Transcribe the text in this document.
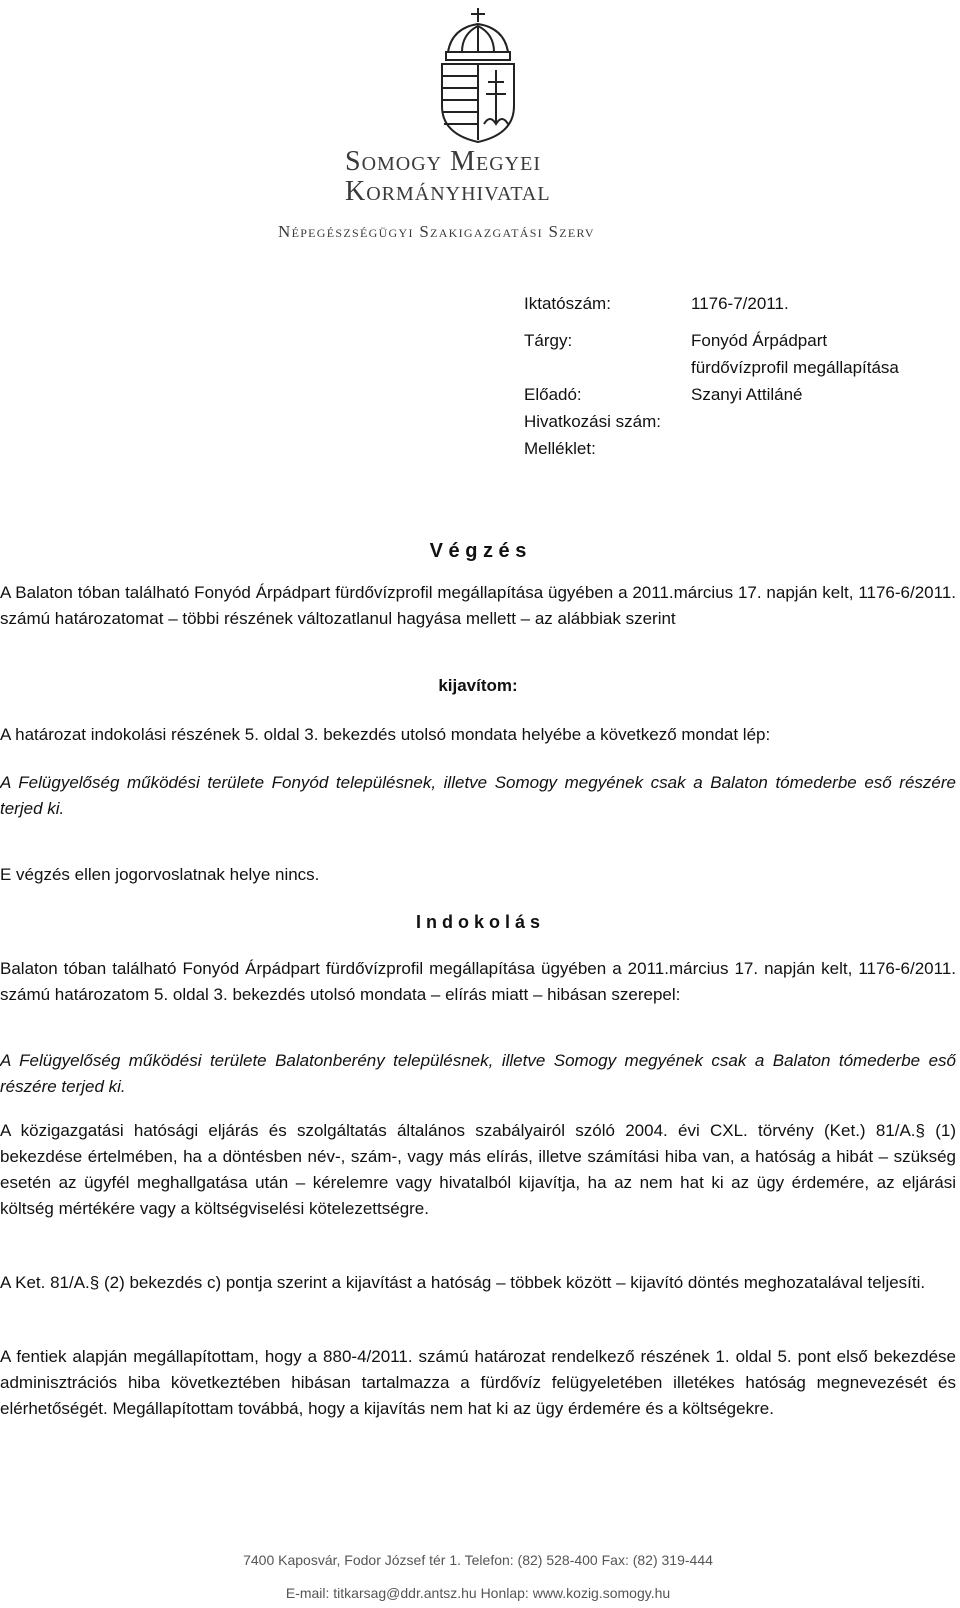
Somogy Megyei
Kormányhivatal
Népegészségügyi Szakigazgatási Szerv
Iktatószám:	1176-7/2011.
Tárgy:	Fonyód Árpádpart
fürdővízprofil megállapítása
Előadó:	Szanyi Attiláné
Hivatkozási szám:
Melléklet:
V é g z é s
A Balaton tóban található Fonyód Árpádpart fürdővízprofil megállapítása ügyében a 2011.március 17. napján kelt, 1176-6/2011. számú határozatomat – többi részének változatlanul hagyása mellett – az alábbiak szerint
kijavítom:
A határozat indokolási részének 5. oldal 3. bekezdés utolsó mondata helyébe a következő mondat lép:
A Felügyelőség működési területe Fonyód településnek, illetve Somogy megyének csak a Balaton tómederbe eső részére terjed ki.
E végzés ellen jogorvoslatnak helye nincs.
I n d o k o l á s
Balaton tóban található Fonyód Árpádpart fürdővízprofil megállapítása ügyében a 2011.március 17. napján kelt, 1176-6/2011. számú határozatom 5. oldal 3. bekezdés utolsó mondata – elírás miatt – hibásan szerepel:
A Felügyelőség működési területe Balatonberény településnek, illetve Somogy megyének csak a Balaton tómederbe eső részére terjed ki.
A közigazgatási hatósági eljárás és szolgáltatás általános szabályairól szóló 2004. évi CXL. törvény (Ket.) 81/A.§ (1) bekezdése értelmében, ha a döntésben név-, szám-, vagy más elírás, illetve számítási hiba van, a hatóság a hibát – szükség esetén az ügyfél meghallgatása után – kérelemre vagy hivatalból kijavítja, ha az nem hat ki az ügy érdemére, az eljárási költség mértékére vagy a költségviselési kötelezettségre.
A Ket. 81/A.§ (2) bekezdés c) pontja szerint a kijavítást a hatóság – többek között – kijavító döntés meghozatalával teljesíti.
A fentiek alapján megállapítottam, hogy a 880-4/2011. számú határozat rendelkező részének 1. oldal 5. pont első bekezdése adminisztrációs hiba következtében hibásan tartalmazza a fürdővíz felügyeletében illetékes hatóság megnevezését és elérhetőségét. Megállapítottam továbbá, hogy a kijavítás nem hat ki az ügy érdemére és a költségekre.
7400 Kaposvár, Fodor József tér 1. Telefon: (82) 528-400 Fax: (82) 319-444
E-mail: titkarsag@ddr.antsz.hu Honlap: www.kozig.somogy.hu
